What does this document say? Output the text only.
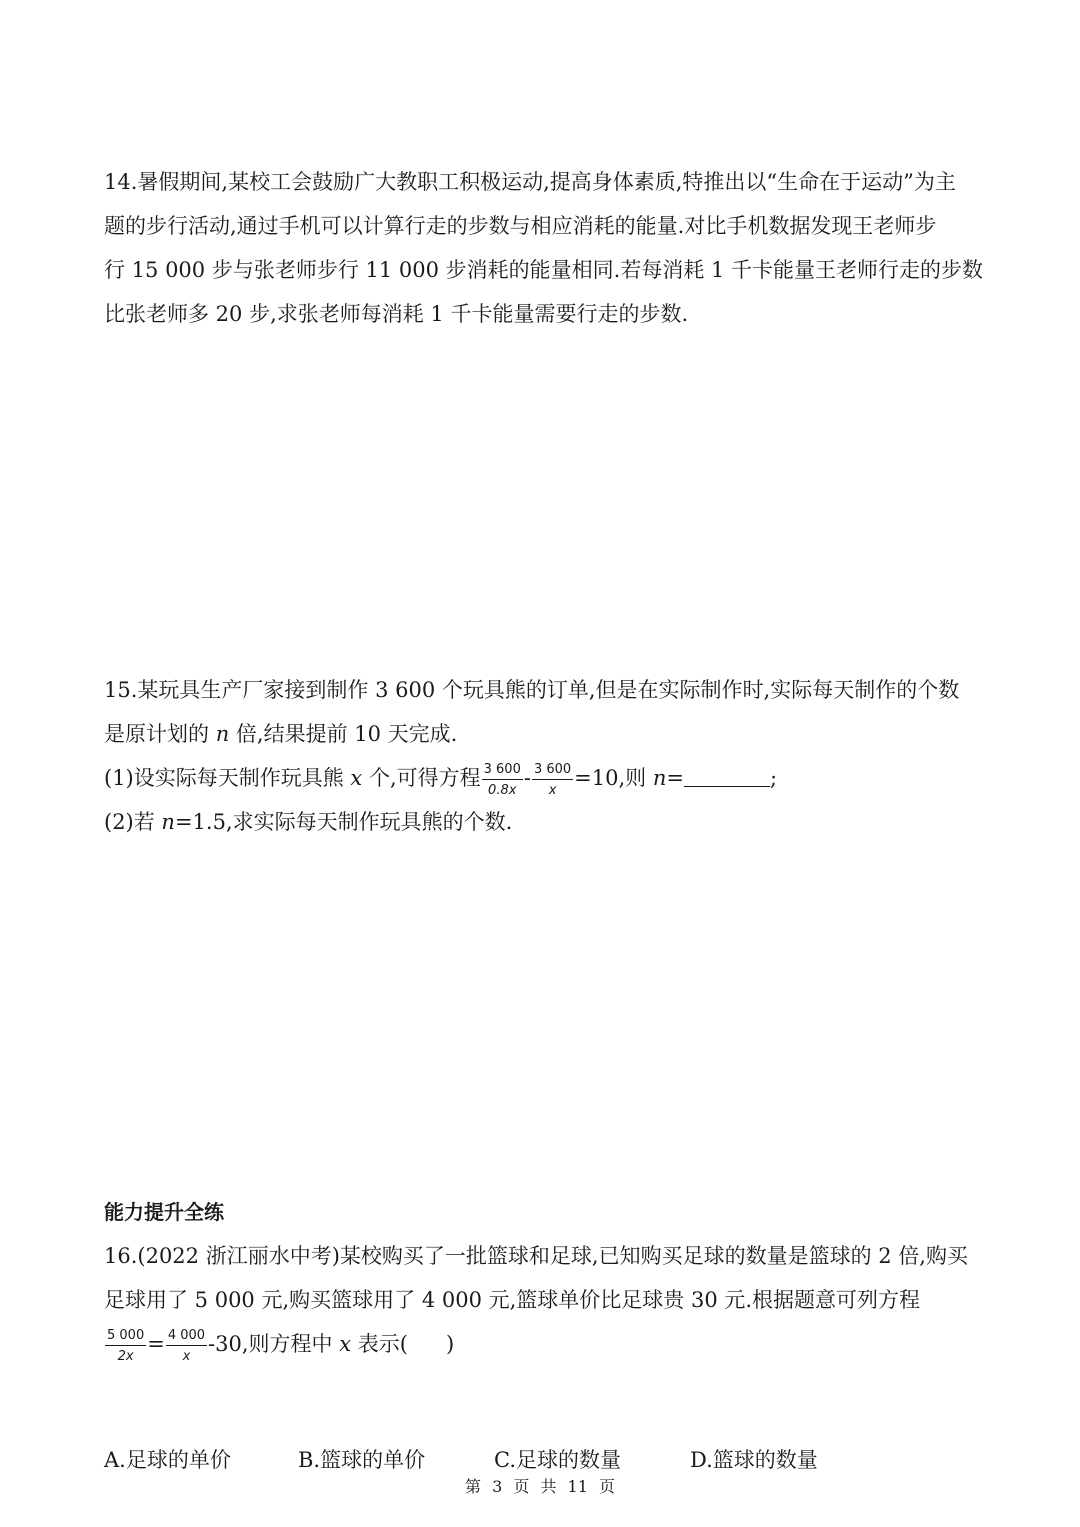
14.暑假期间,某校工会鼓励广大教职工积极运动,提高身体素质,特推出以“生命在于运动”为主
题的步行活动,通过手机可以计算行走的步数与相应消耗的能量.对比手机数据发现王老师步
行 15 000 步与张老师步行 11 000 步消耗的能量相同.若每消耗 1 千卡能量王老师行走的步数
比张老师多 20 步,求张老师每消耗 1 千卡能量需要行走的步数.
15.某玩具生产厂家接到制作 3 600 个玩具熊的订单,但是在实际制作时,实际每天制作的个数
是原计划的 n 倍,结果提前 10 天完成.
(1)设实际每天制作玩具熊 x 个,可得方程 $\frac{3 600}{0.8x} - \frac{3 600}{x} =10$,则 n=	;
(2)若 n=1.5,求实际每天制作玩具熊的个数.
能力提升全练
16.(2022 浙江丽水中考)某校购买了一批篮球和足球,已知购买足球的数量是篮球的 2 倍,购买
足球用了 5 000 元,购买篮球用了 4 000 元,篮球单价比足球贵 30 元.根据题意可列方程
$\frac{5 000}{2x} = \frac{4 000}{x} -30$,则方程中 x 表示( )
A.足球的单价	B.篮球的单价	C.足球的数量	D.篮球的数量
第 3 页 共 11 页
